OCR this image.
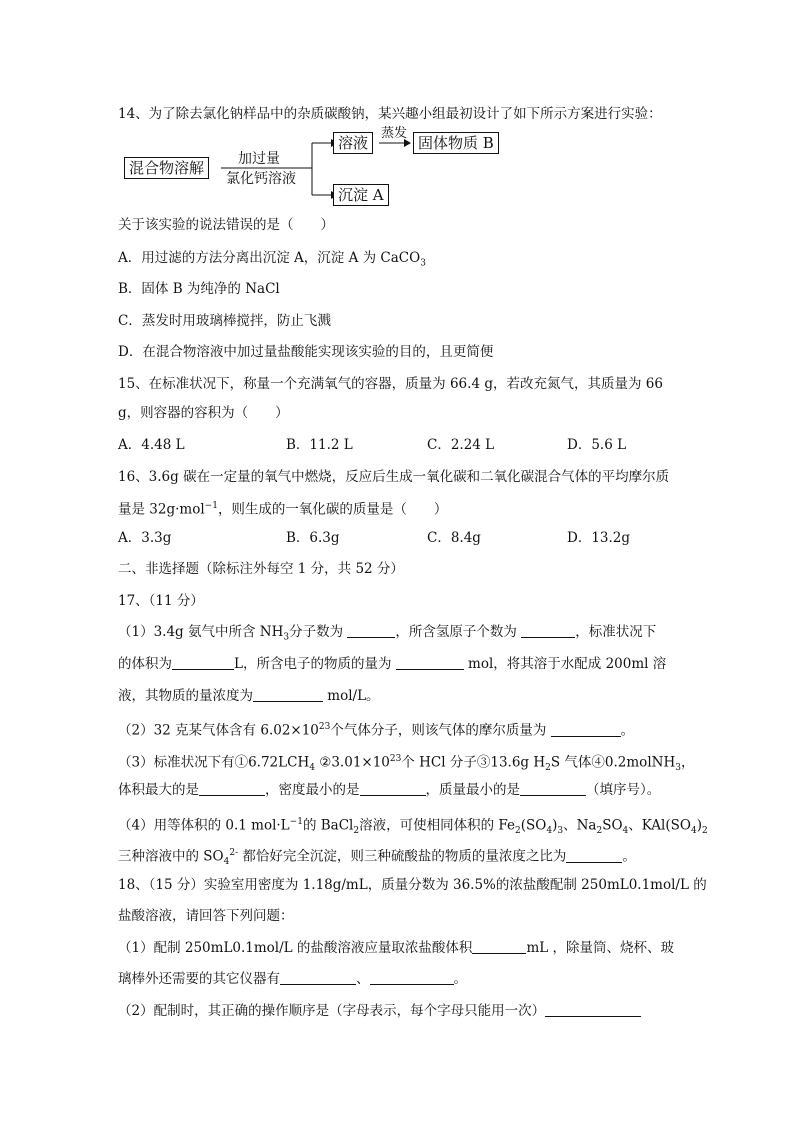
14、为了除去氯化钠样品中的杂质碳酸钠，某兴趣小组最初设计了如下所示方案进行实验：
混合物溶解	加过量
氯化钙溶液
溶液
蒸发
固体物质 B
沉淀 A
关于该实验的说法错误的是（　　）
A．用过滤的方法分离出沉淀 A，沉淀 A 为 CaCO$_3$
B．固体 B 为纯净的 NaCl
C．蒸发时用玻璃棒搅拌，防止飞溅
D．在混合物溶液中加过量盐酸能实现该实验的目的，且更简便
15、在标准状况下，称量一个充满氧气的容器，质量为 66.4 g，若改充氮气，其质量为 66
g，则容器的容积为（　　）
A．4.48 L	B．11.2 L	C．2.24 L	D．5.6 L
16、3.6g 碳在一定量的氧气中燃烧，反应后生成一氧化碳和二氧化碳混合气体的平均摩尔质
量是 32g·mol$^{-1}$，则生成的一氧化碳的质量是（　　）
A．3.3g	B．6.3g	C．8.4g	D．13.2g
二、非选择题（除标注外每空 1 分，共 52 分）
17、（11 分）
（1）3.4g 氨气中所含 $NH_3$分子数为	，所含氢原子个数为	，标准状况下
的体积为	L，所含电子的物质的量为	mol，将其溶于水配成 200ml 溶
液，其物质的量浓度为	mol/L。
（2）32 克某气体含有 $6.02\times 10^{23}$个气体分子，则该气体的摩尔质量为	。
（3）标准状况下有$①6.72LCH_4$ $②3.01\times 10^{23}$个 HCl 分子③13.6g $H_2S$ 气体④0.2molNH$_3$，
体积最大的是	，密度最小的是	，质量最小的是	（填序号）。
（4）用等体积的 0.1 $mol\cdot L^{-1}$的 BaCl$_2$溶液，可使相同体积的 $Fe_2(SO_4)_3$、$Na_2SO_4$、$KAl(SO_4)_2$
三种溶液中的 $SO_4^{2-}$ 都恰好完全沉淀，则三种硫酸盐的物质的量浓度之比为	。
18、（15 分）实验室用密度为 1.18g/mL，质量分数为 36.5%的浓盐酸配制 250mL0.1mol/L 的
盐酸溶液，请回答下列问题：
（1）配制 250mL0.1mol/L 的盐酸溶液应量取浓盐酸体积	mL ，除量筒、烧杯、玻
璃棒外还需要的其它仪器有	、	。
（2）配制时，其正确的操作顺序是（字母表示，每个字母只能用一次）
